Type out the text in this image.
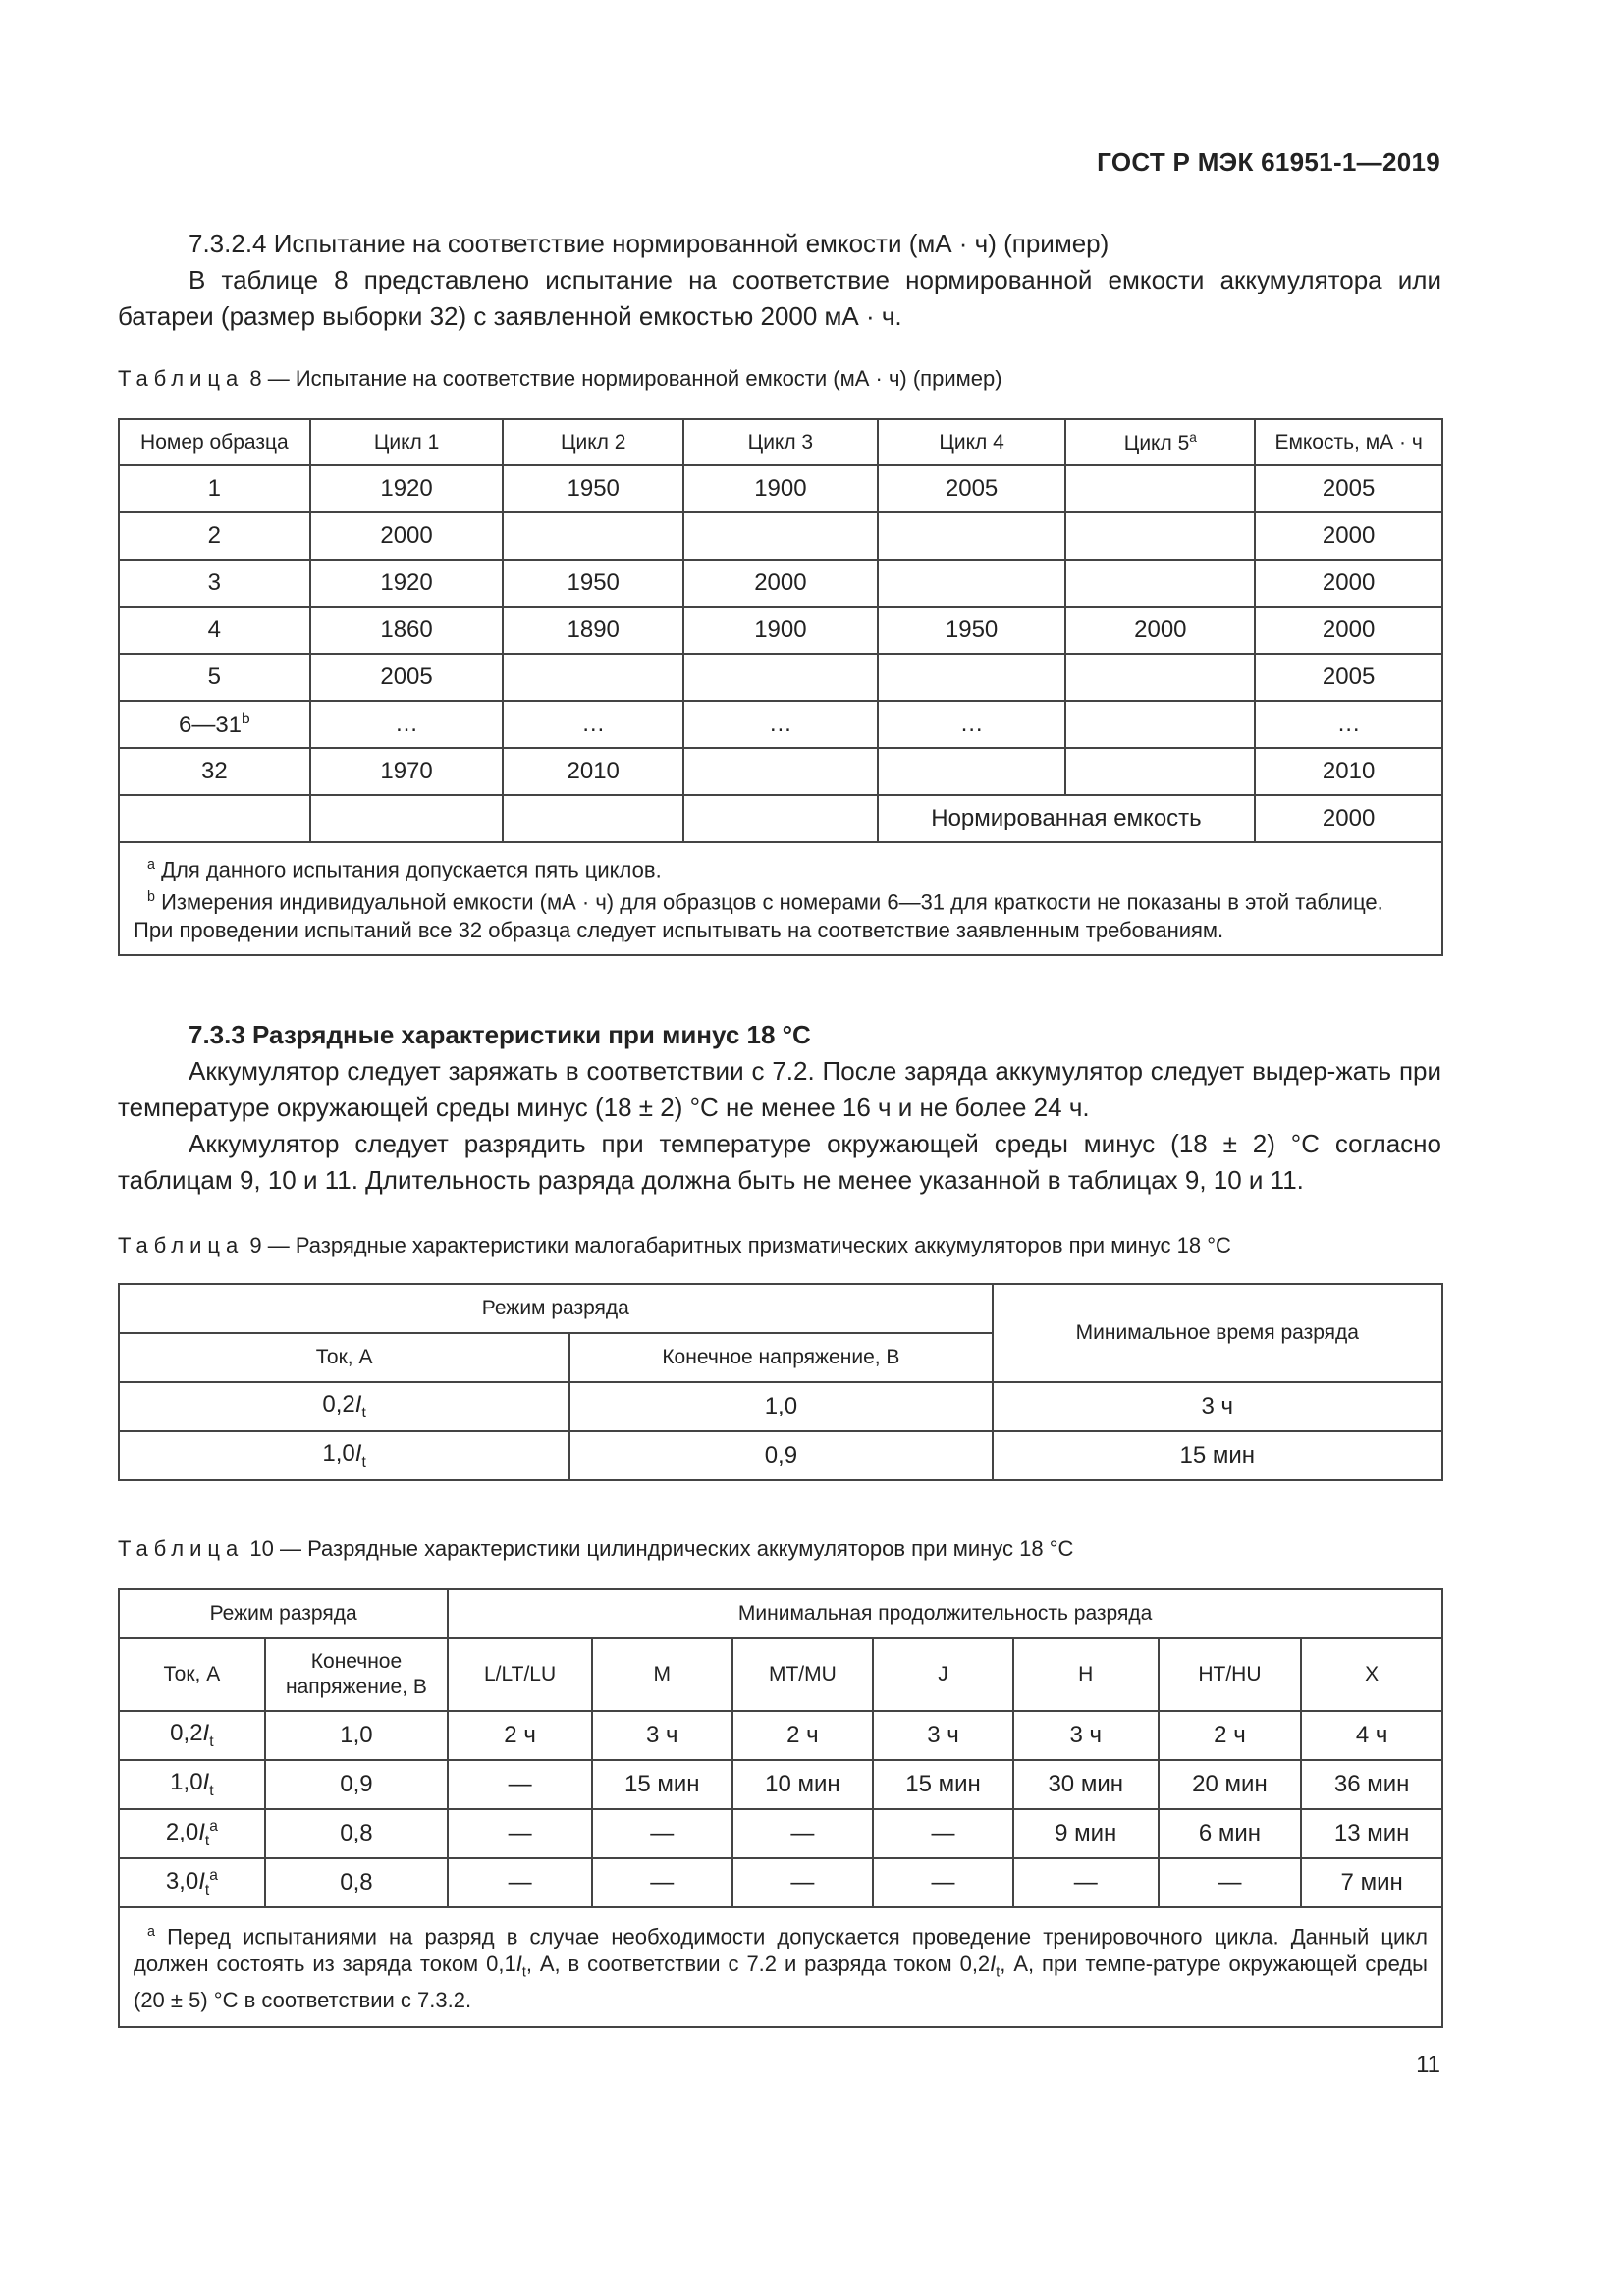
ГОСТ Р МЭК 61951-1—2019
7.3.2.4 Испытание на соответствие нормированной емкости (мА · ч) (пример)
В таблице 8 представлено испытание на соответствие нормированной емкости аккумулятора или батареи (размер выборки 32) с заявленной емкостью 2000 мА · ч.
Таблица 8 — Испытание на соответствие нормированной емкости (мА · ч) (пример)
Номер образца	Цикл 1	Цикл 2	Цикл 3	Цикл 4	Цикл 5$^a$	Емкость, мА · ч
1	1920	1950	1900	2005		2005
2	2000					2000
3	1920	1950	2000			2000
4	1860	1890	1900	1950	2000	2000
5	2005					2005
6—31$^b$	…	…	…	…		…
32	1970	2010				2010
				Нормированная емкость		2000

$^a$ Для данного испытания допускается пять циклов.
$^b$ Измерения индивидуальной емкости (мА · ч) для образцов с номерами 6—31 для краткости не показаны в этой таблице. При проведении испытаний все 32 образца следует испытывать на соответствие заявленным требованиям.						
7.3.3 Разрядные характеристики при минус 18 °С
Аккумулятор следует заряжать в соответствии с 7.2. После заряда аккумулятор следует выдер-жать при температуре окружающей среды минус (18 ± 2) °С не менее 16 ч и не более 24 ч.
Аккумулятор следует разрядить при температуре окружающей среды минус (18 ± 2) °С согласно таблицам 9, 10 и 11. Длительность разряда должна быть не менее указанной в таблицах 9, 10 и 11.
Таблица 9 — Разрядные характеристики малогабаритных призматических аккумуляторов при минус 18 °С
Режим разряда		Минимальное время разряда
Ток, А	Конечное напряжение, В	
$0,2I_t$	1,0	3 ч
$1,0I_t$	0,9	15 мин
Таблица 10 — Разрядные характеристики цилиндрических аккумуляторов при минус 18 °С
Режим разряда		Минимальная продолжительность разряда						
Ток, А	Конечное напряжение, В	L/LT/LU	M	MT/MU	J	H	HT/HU	X
$0,2I_t$	1,0	2 ч	3 ч	2 ч	3 ч	3 ч	2 ч	4 ч
$1,0I_t$	0,9	—	15 мин	10 мин	15 мин	30 мин	20 мин	36 мин
$2,0I_t^a$	0,8	—	—	—	—	9 мин	6 мин	13 мин
$3,0I_t^a$	0,8	—	—	—	—	—	—	7 мин

$^a$ Перед испытаниями на разряд в случае необходимости допускается проведение тренировочного цикла. Данный цикл должен состоять из заряда током $0,1I_t$, А, в соответствии с 7.2 и разряда током $0,2I_t$, А, при темпе-ратуре окружающей среды (20 ± 5) °С в соответствии с 7.3.2.								
11
